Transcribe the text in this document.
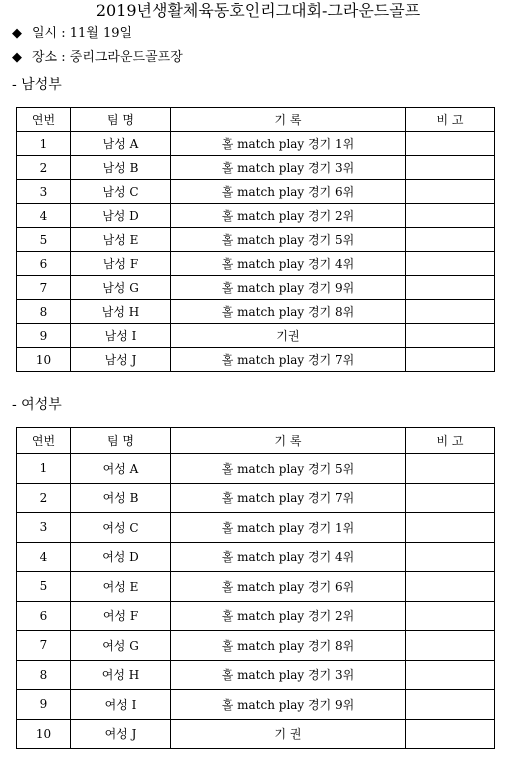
2019년생활체육동호인리그대회-그라운드골프
◆ 일시 : 11월 19일
◆ 장소 : 중리그라운드골프장
- 남성부
연번	팀 명	기 록	비 고
1	남성 A	홀 match play 경기 1위	
2	남성 B	홀 match play 경기 3위	
3	남성 C	홀 match play 경기 6위	
4	남성 D	홀 match play 경기 2위	
5	남성 E	홀 match play 경기 5위	
6	남성 F	홀 match play 경기 4위	
7	남성 G	홀 match play 경기 9위	
8	남성 H	홀 match play 경기 8위	
9	남성 I	기권	
10	남성 J	홀 match play 경기 7위	
- 여성부
연번	팀 명	기 록	비 고
1	여성 A	홀 match play 경기 5위	
2	여성 B	홀 match play 경기 7위	
3	여성 C	홀 match play 경기 1위	
4	여성 D	홀 match play 경기 4위	
5	여성 E	홀 match play 경기 6위	
6	여성 F	홀 match play 경기 2위	
7	여성 G	홀 match play 경기 8위	
8	여성 H	홀 match play 경기 3위	
9	여성 I	홀 match play 경기 9위	
10	여성 J	기 권	
